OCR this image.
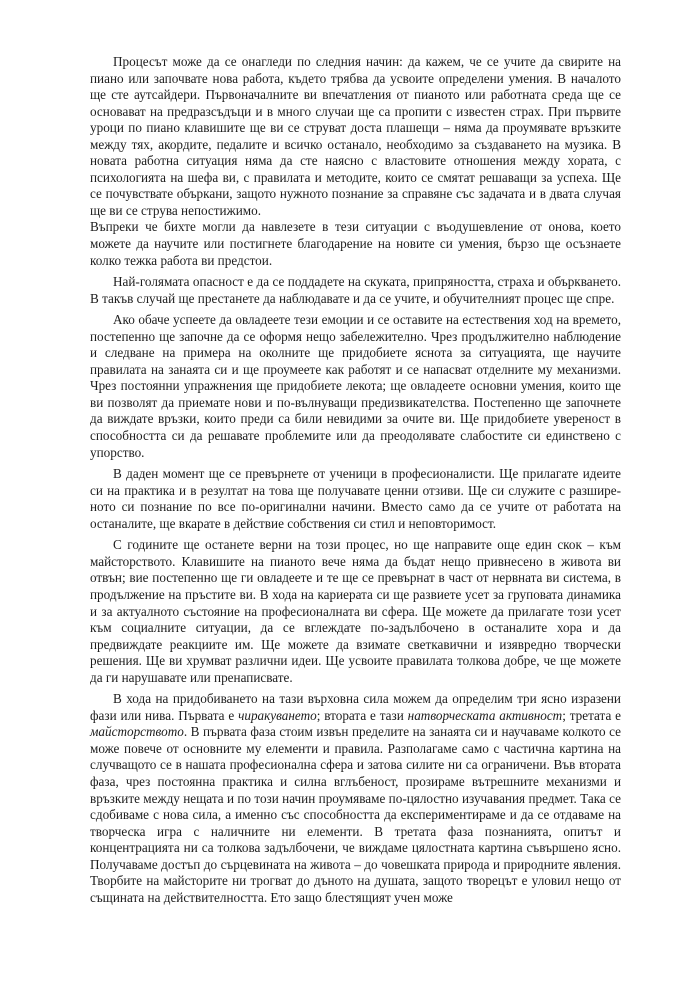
Процесът може да се онагледи по следния начин: да кажем, че се учите да свирите на пиано или започвате нова работа, където трябва да усвоите определени умения. В началото ще сте аутсайдери. Първоначалните ви впечатления от пианото или работната среда ще се основават на предразсъдъци и в много случаи ще са пропити с известен страх. При първите уроци по пиано клавишите ще ви се струват доста плашещи – няма да проумявате връзките между тях, акордите, педалите и всичко останало, необходимо за създаването на музика. В новата работна ситуация няма да сте наясно с властовите отношения между хората, с психологията на шефа ви, с правилата и методите, които се смятат решаващи за успеха. Ще се почувствате объркани, защото нужното познание за справяне със задачата и в двата случая ще ви се струва непостижимо.

Въпреки че бихте могли да навлезете в тези ситуации с въодушевление от онова, което можете да научите или постигнете благодарение на новите си умения, бързо ще осъзнаете колко тежка работа ви предстои.

Най-голямата опасност е да се поддадете на скуката, припряността, страха и объркването. В такъв случай ще престанете да наблюдавате и да се учите, и обучителният процес ще спре.

Ако обаче успеете да овладеете тези емоции и се оставите на естествения ход на времето, постепенно ще започне да се оформя нещо забележително. Чрез продължително наблюдение и следване на примера на околните ще придобиете яснота за ситуацията, ще научите правилата на занаята си и ще проумеете как работят и се напасват отделните му механизми. Чрез постоянни упражнения ще придобиете лекота; ще овладеете основни умения, които ще ви позволят да приемате нови и по-вълнуващи предизвикателства. Постепенно ще започнете да виждате връзки, които преди са били невидими за очите ви. Ще придобиете увереност в способността си да решавате проблемите или да преодолявате слабостите си единствено с упорство.

В даден момент ще се превърнете от ученици в професионалисти. Ще прилагате идеите си на практика и в резултат на това ще получавате ценни отзиви. Ще си служите с разшире-ното си познание по все по-оригинални начини. Вместо само да се учите от работата на останалите, ще вкарате в действие собствения си стил и неповторимост.

С годините ще останете верни на този процес, но ще направите още един скок – към майсторството. Клавишите на пианото вече няма да бъдат нещо привнесено в живота ви отвън; вие постепенно ще ги овладеете и те ще се превърнат в част от нервната ви система, в продължение на пръстите ви. В хода на кариерата си ще развиете усет за груповата динамика и за актуалното състояние на професионалната ви сфера. Ще можете да прилагате този усет към социалните ситуации, да се вглеждате по-задълбочено в останалите хора и да предвиждате реакциите им. Ще можете да взимате светкавични и изявредно творчески решения. Ще ви хрумват различни идеи. Ще усвоите правилата толкова добре, че ще можете да ги нарушавате или пренаписвате.

В хода на придобиването на тази върховна сила можем да определим три ясно изразени фази или нива. Първата е чиракуването; втората е тази натворческата активност; третата е майсторството. В първата фаза стоим извън пределите на занаята си и научаваме колкото се може повече от основните му елементи и правила. Разполагаме само с частична картина на случващото се в нашата професионална сфера и затова силите ни са ограничени. Във втората фаза, чрез постоянна практика и силна вглъбеност, прозираме вътрешните механизми и връзките между нещата и по този начин проумяваме по-цялостно изучавания предмет. Така се сдобиваме с нова сила, а именно със способността да експериментираме и да се отдаваме на творческа игра с наличните ни елементи. В третата фаза познанията, опитът и концентрацията ни са толкова задълбочени, че виждаме цялостната картина съвършено ясно. Получаваме достъп до сърцевината на живота – до човешката природа и природните явления. Творбите на майсторите ни трогват до дъното на душата, защото творецът е уловил нещо от същината на действителността. Ето защо блестящият учен може
